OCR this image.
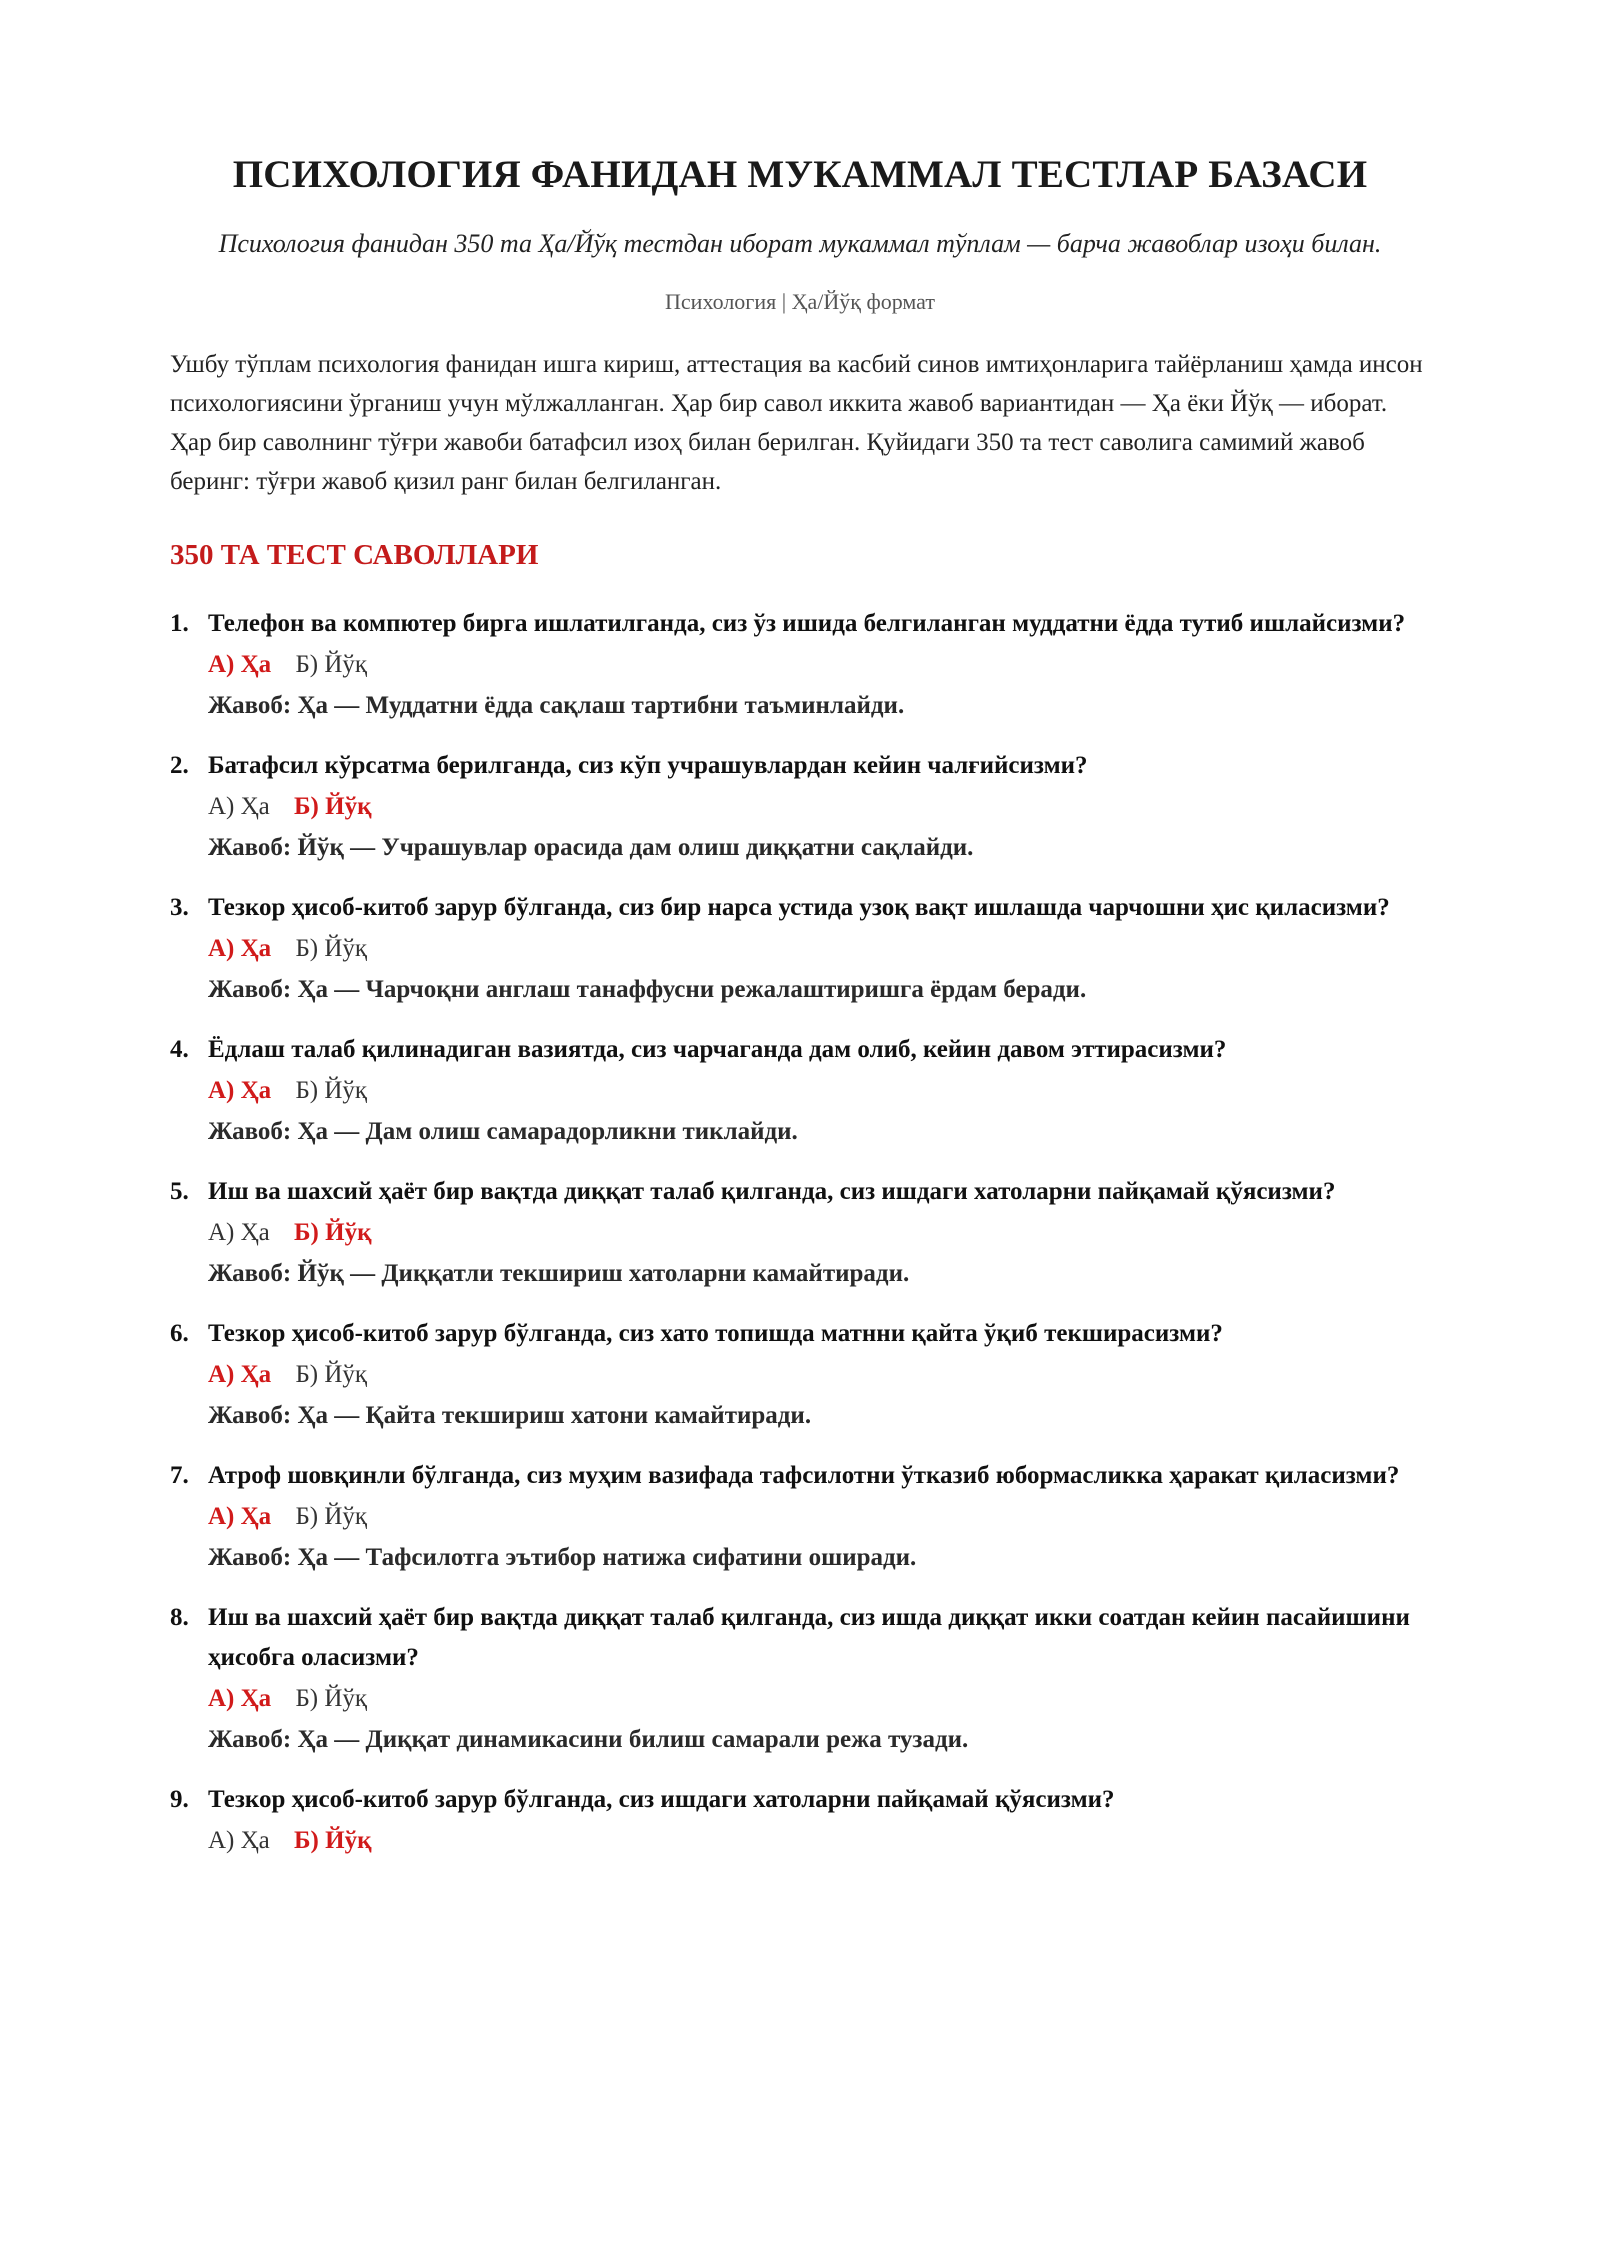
ПСИХОЛОГИЯ ФАНИДАН МУКАММАЛ ТЕСТЛАР БАЗАСИ
Психология фанидан 350 та Ҳа/Йўқ тестдан иборат мукаммал тўплам — барча жавоблар изоҳи билан.
Психология | Ҳа/Йўқ формат
Ушбу тўплам психология фанидан ишга кириш, аттестация ва касбий синов имтиҳонларига тайёрланиш ҳамда инсон психологиясини ўрганиш учун мўлжалланган. Ҳар бир савол иккита жавоб вариантидан — Ҳа ёки Йўқ — иборат. Ҳар бир саволнинг тўғри жавоби батафсил изоҳ билан берилган. Қуйидаги 350 та тест саволига самимий жавоб беринг: тўғри жавоб қизил ранг билан белгиланган.
350 ТА ТЕСТ САВОЛЛАРИ
1. Телефон ва компютер бирга ишлатилганда, сиз ўз ишида белгиланган муддатни ёдда тутиб ишлайсизми?
А) Ҳа Б) Йўқ
Жавоб: Ҳа — Муддатни ёдда сақлаш тартибни таъминлайди.
2. Батафсил кўрсатма берилганда, сиз кўп учрашувлардан кейин чалғийсизми?
А) Ҳа Б) Йўқ
Жавоб: Йўқ — Учрашувлар орасида дам олиш диққатни сақлайди.
3. Тезкор ҳисоб-китоб зарур бўлганда, сиз бир нарса устида узоқ вақт ишлашда чарчошни ҳис қиласизми?
А) Ҳа Б) Йўқ
Жавоб: Ҳа — Чарчоқни англаш танаффусни режалаштиришга ёрдам беради.
4. Ёдлаш талаб қилинадиган вазиятда, сиз чарчаганда дам олиб, кейин давом эттирасизми?
А) Ҳа Б) Йўқ
Жавоб: Ҳа — Дам олиш самарадорликни тиклайди.
5. Иш ва шахсий ҳаёт бир вақтда диққат талаб қилганда, сиз ишдаги хатоларни пайқамай қўясизми?
А) Ҳа Б) Йўқ
Жавоб: Йўқ — Диққатли текшириш хатоларни камайтиради.
6. Тезкор ҳисоб-китоб зарур бўлганда, сиз хато топишда матнни қайта ўқиб текширасизми?
А) Ҳа Б) Йўқ
Жавоб: Ҳа — Қайта текшириш хатони камайтиради.
7. Атроф шовқинли бўлганда, сиз муҳим вазифада тафсилотни ўтказиб юбормасликка ҳаракат қиласизми?
А) Ҳа Б) Йўқ
Жавоб: Ҳа — Тафсилотга эътибор натижа сифатини оширади.
8. Иш ва шахсий ҳаёт бир вақтда диққат талаб қилганда, сиз ишда диққат икки соатдан кейин пасайишини ҳисобга оласизми?
А) Ҳа Б) Йўқ
Жавоб: Ҳа — Диққат динамикасини билиш самарали режа тузади.
9. Тезкор ҳисоб-китоб зарур бўлганда, сиз ишдаги хатоларни пайқамай қўясизми?
А) Ҳа Б) Йўқ
